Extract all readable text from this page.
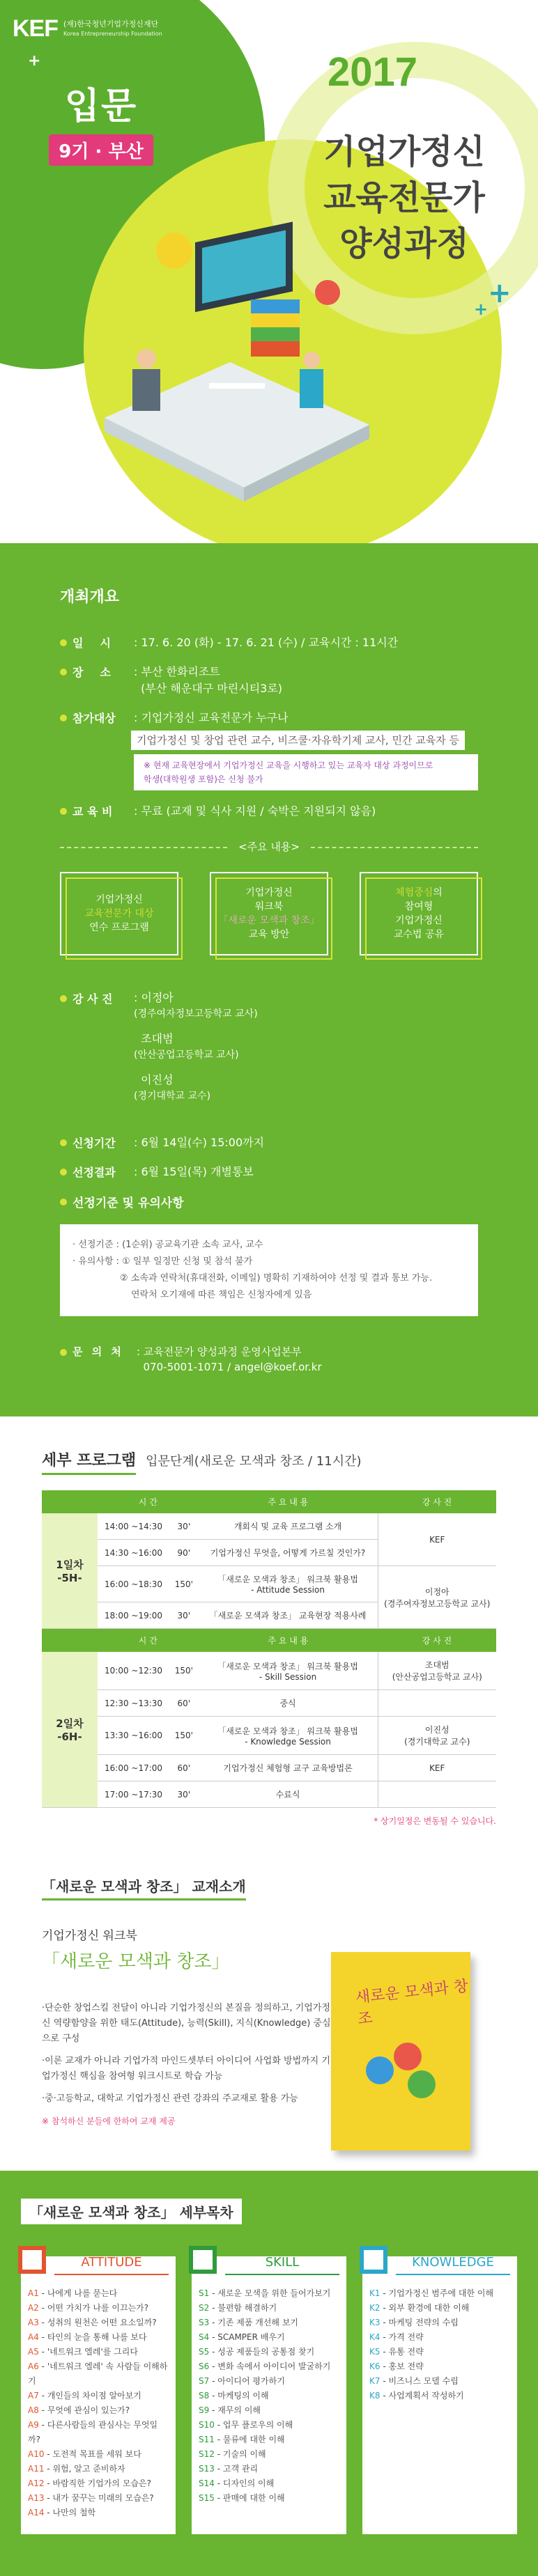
KEF (재)한국청년기업가정신재단
Korea Entrepreneurship Foundation
입문
9기 · 부산
2017
기업가정신
교육전문가
양성과정
+
+
+
개최개요
일　시	: 17. 6. 20 (화) - 17. 6. 21 (수) / 교육시간 : 11시간
장　소	: 부산 한화리조트
(부산 해운대구 마린시티3로)
참가대상	: 기업가정신 교육전문가 누구나
기업가정신 및 창업 관련 교수, 비즈쿨·자유학기제 교사, 민간 교육자 등
※ 현재 교육현장에서 기업가정신 교육을 시행하고 있는 교육자 대상 과정이므로
학생(대학원생 포함)은 신청 불가
교 육 비	: 무료 (교재 및 식사 지원 / 숙박은 지원되지 않음)
<주요 내용>
기업가정신
교육전문가 대상
연수 프로그램
기업가정신
워크북
「새로운 모색과 창조」
교육 방안
체험중심의
참여형
기업가정신
교수법 공유
강 사 진	: 이정아
(경주여자정보고등학교 교사)
조대범
(안산공업고등학교 교사)
이진성
(경기대학교 교수)
신청기간	: 6월 14일(수) 15:00까지
선정결과	: 6월 15일(목) 개별통보
선정기준 및 유의사항
· 선정기준 : (1순위) 공교육기관 소속 교사, 교수
· 유의사항 : ① 일부 일정만 신청 및 참석 불가
② 소속과 연락처(휴대전화, 이메일) 명확히 기재하여야 선정 및 결과 통보 가능.
연락처 오기재에 따른 책임은 신청자에게 있음
문 의 처	: 교육전문가 양성과정 운영사업본부
070-5001-1071 / angel@koef.or.kr
세부 프로그램 입문단계(새로운 모색과 창조 / 11시간)
	시 간		주 요 내 용	강 사 진
1일차
-5H-	14:00 ~14:30	30'	개회식 및 교육 프로그램 소개	KEF
	14:30 ~16:00	90'	기업가정신 무엇을, 어떻게 가르칠 것인가?	
	16:00 ~18:30	150'	「새로운 모색과 창조」 워크북 활용법
- Attitude Session	이정아
(경주여자정보고등학교 교사)
	18:00 ~19:00	30'	「새로운 모색과 창조」 교육현장 적용사례	
	시 간		주 요 내 용	강 사 진
2일차
-6H-	10:00 ~12:30	150'	「새로운 모색과 창조」 워크북 활용법
- Skill Session	조대범
(안산공업고등학교 교사)
	12:30 ~13:30	60'	중식	
	13:30 ~16:00	150'	「새로운 모색과 창조」 워크북 활용법
- Knowledge Session	이진성
(경기대학교 교수)
	16:00 ~17:00	60'	기업가정신 체험형 교구 교육방법론	KEF
	17:00 ~17:30	30'	수료식	
* 상기일정은 변동될 수 있습니다.
「새로운 모색과 창조」 교재소개
기업가정신 워크북
「새로운 모색과 창조」
·단순한 창업스킬 전달이 아니라 기업가정신의 본질을 정의하고, 기업가정신 역량함양을 위한 태도(Attitude), 능력(Skill), 지식(Knowledge) 중심으로 구성
·이론 교재가 아니라 기업가적 마인드셋부터 아이디어 사업화 방법까지 기업가정신 핵심을 참여형 워크시트로 학습 가능
·중·고등학교, 대학교 기업가정신 관련 강좌의 주교재로 활용 가능
※ 참석하신 분들에 한하여 교재 제공
새로운 모색과 창조
「새로운 모색과 창조」 세부목차
ATTITUDE
A1 - 나에게 나를 묻는다
A2 - 어떤 가치가 나를 이끄는가?
A3 - 성취의 원천은 어떤 요소일까?
A4 - 타인의 눈을 통해 나를 보다
A5 - '네트워크 엘레'를 그리다
A6 - '네트워크 엘레' 속 사람들 이해하기
A7 - 개인들의 차이점 알아보기
A8 - 무엇에 관심이 있는가?
A9 - 다른사람들의 관심사는 무엇일까?
A10 - 도전적 목표를 세워 보다
A11 - 위험, 알고 준비하자
A12 - 바람직한 기업가의 모습은?
A13 - 내가 꿈꾸는 미래의 모습은?
A14 - 나만의 철학
SKILL
S1 - 새로운 모색을 위한 들어가보기
S2 - 불편함 해결하기
S3 - 기존 제품 개선해 보기
S4 - SCAMPER 배우기
S5 - 성공 제품들의 공통점 찾기
S6 - 변화 속에서 아이디어 발굴하기
S7 - 아이디어 평가하기
S8 - 마케팅의 이해
S9 - 재무의 이해
S10 - 업무 플로우의 이해
S11 - 물류에 대한 이해
S12 - 기술의 이해
S13 - 고객 관리
S14 - 디자인의 이해
S15 - 판매에 대한 이해
KNOWLEDGE
K1 - 기업가정신 범주에 대한 이해
K2 - 외부 환경에 대한 이해
K3 - 마케팅 전략의 수립
K4 - 가격 전략
K5 - 유통 전략
K6 - 홍보 전략
K7 - 비즈니스 모델 수립
K8 - 사업계획서 작성하기
